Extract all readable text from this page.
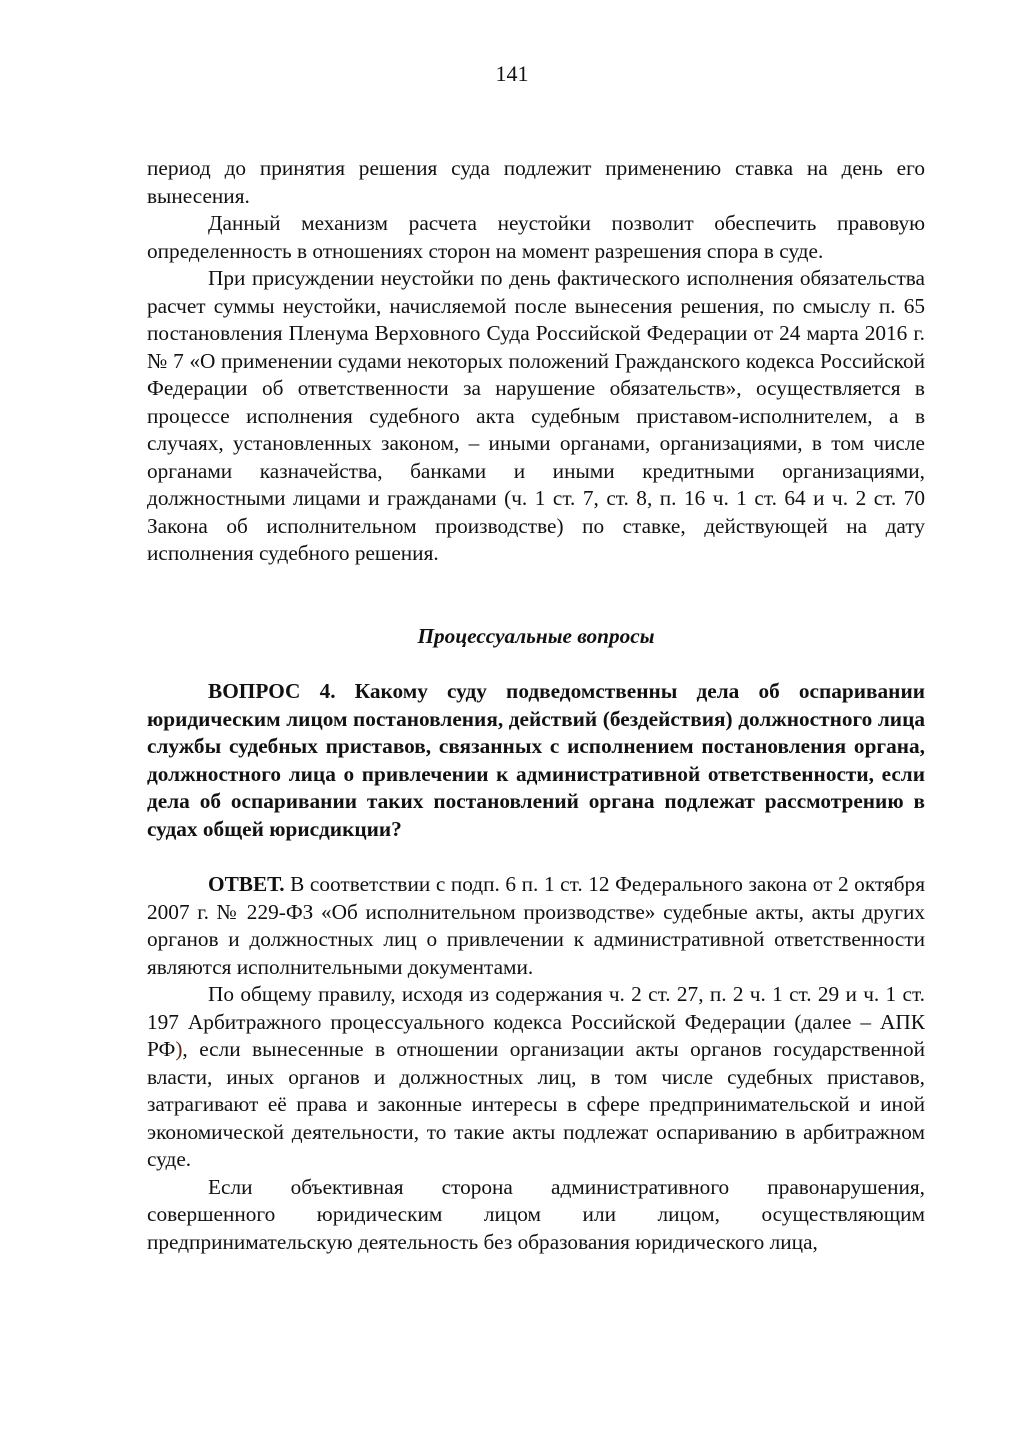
141

период до принятия решения суда подлежит применению ставка на день его вынесения.

Данный механизм расчета неустойки позволит обеспечить правовую определенность в отношениях сторон на момент разрешения спора в суде.

При присуждении неустойки по день фактического исполнения обязательства расчет суммы неустойки, начисляемой после вынесения решения, по смыслу п. 65 постановления Пленума Верховного Суда Российской Федерации от 24 марта 2016 г. № 7 «О применении судами некоторых положений Гражданского кодекса Российской Федерации об ответственности за нарушение обязательств», осуществляется в процессе исполнения судебного акта судебным приставом-исполнителем, а в случаях, установленных законом, – иными органами, организациями, в том числе органами казначейства, банками и иными кредитными организациями, должностными лицами и гражданами (ч. 1 ст. 7, ст. 8, п. 16 ч. 1 ст. 64 и ч. 2 ст. 70 Закона об исполнительном производстве) по ставке, действующей на дату исполнения судебного решения.

Процессуальные вопросы

ВОПРОС 4. Какому суду подведомственны дела об оспаривании юридическим лицом постановления, действий (бездействия) должностного лица службы судебных приставов, связанных с исполнением постановления органа, должностного лица о привлечении к административной ответственности, если дела об оспаривании таких постановлений органа подлежат рассмотрению в судах общей юрисдикции?

ОТВЕТ. В соответствии с подп. 6 п. 1 ст. 12 Федерального закона от 2 октября 2007 г. № 229-ФЗ «Об исполнительном производстве» судебные акты, акты других органов и должностных лиц о привлечении к административной ответственности являются исполнительными документами.

По общему правилу, исходя из содержания ч. 2 ст. 27, п. 2 ч. 1 ст. 29 и ч. 1 ст. 197 Арбитражного процессуального кодекса Российской Федерации (далее – АПК РФ), если вынесенные в отношении организации акты органов государственной власти, иных органов и должностных лиц, в том числе судебных приставов, затрагивают её права и законные интересы в сфере предпринимательской и иной экономической деятельности, то такие акты подлежат оспариванию в арбитражном суде.

Если объективная сторона административного правонарушения, совершенного юридическим лицом или лицом, осуществляющим предпринимательскую деятельность без образования юридического лица,
